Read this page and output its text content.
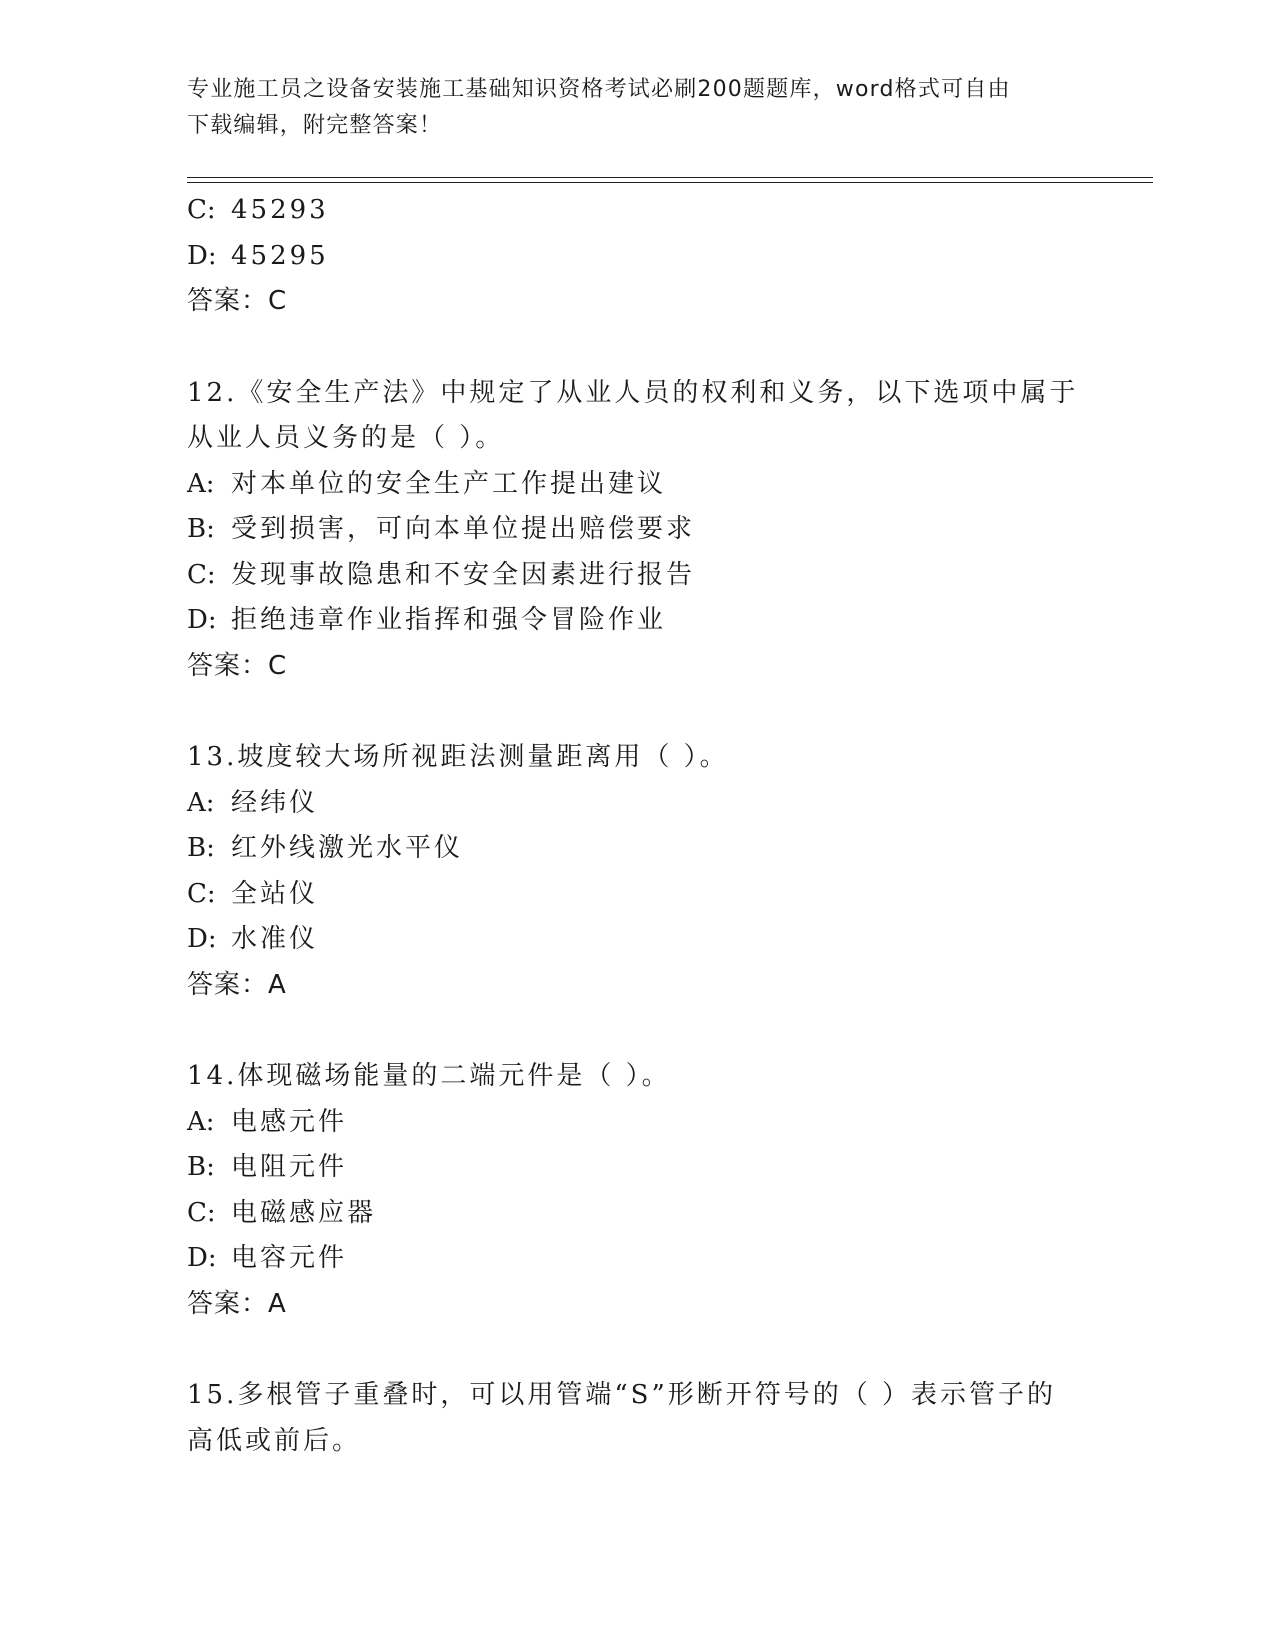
专业施工员之设备安装施工基础知识资格考试必刷200题题库，word格式可自由
下载编辑，附完整答案！
C: 45293
D: 45295
答案：C
12.《安全生产法》中规定了从业人员的权利和义务，以下选项中属于
从业人员义务的是（ ）。
A: 对本单位的安全生产工作提出建议
B: 受到损害，可向本单位提出赔偿要求
C: 发现事故隐患和不安全因素进行报告
D: 拒绝违章作业指挥和强令冒险作业
答案：C
13.坡度较大场所视距法测量距离用（ ）。
A: 经纬仪
B: 红外线激光水平仪
C: 全站仪
D: 水准仪
答案：A
14.体现磁场能量的二端元件是（ ）。
A: 电感元件
B: 电阻元件
C: 电磁感应器
D: 电容元件
答案：A
15.多根管子重叠时，可以用管端“S”形断开符号的（ ）表示管子的
高低或前后。
